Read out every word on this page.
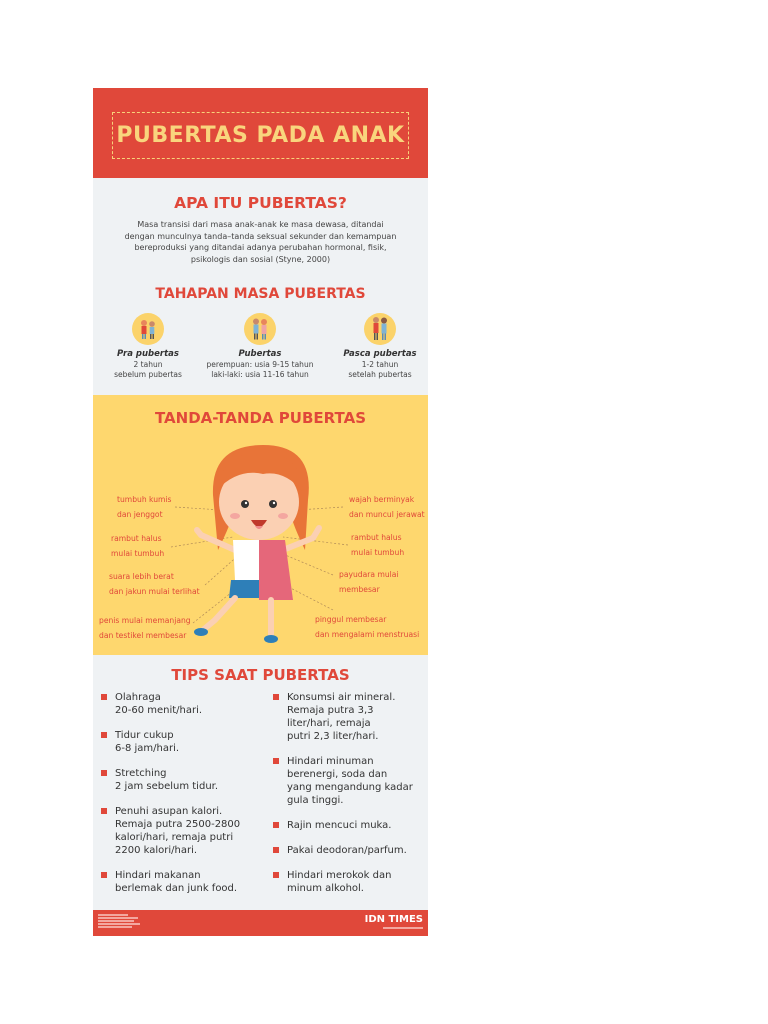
PUBERTAS PADA ANAK
APA ITU PUBERTAS?
Masa transisi dari masa anak-anak ke masa dewasa, ditandai dengan munculnya tanda–tanda seksual sekunder dan kemampuan bereproduksi yang ditandai adanya perubahan hormonal, fisik, psikologis dan sosial (Styne, 2000)
TAHAPAN MASA PUBERTAS
Pra pubertas
2 tahun
sebelum pubertas
Pubertas
perempuan: usia 9-15 tahun
laki-laki: usia 11-16 tahun
Pasca pubertas
1-2 tahun
setelah pubertas
TANDA-TANDA PUBERTAS
tumbuh kumis
dan jenggot
rambut halus
mulai tumbuh
suara lebih berat
dan jakun mulai terlihat
penis mulai memanjang
dan testikel membesar
wajah berminyak
dan muncul jerawat
rambut halus
mulai tumbuh
payudara mulai
membesar
pinggul membesar
dan mengalami menstruasi
TIPS SAAT PUBERTAS
Olahraga
20-60 menit/hari.
Tidur cukup
6-8 jam/hari.
Stretching
2 jam sebelum tidur.
Penuhi asupan kalori.
Remaja putra 2500-2800
kalori/hari, remaja putri
2200 kalori/hari.
Hindari makanan
berlemak dan junk food.
Konsumsi air mineral.
Remaja putra 3,3
liter/hari, remaja
putri 2,3 liter/hari.
Hindari minuman
berenergi, soda dan
yang mengandung kadar
gula tinggi.
Rajin mencuci muka.
Pakai deodoran/parfum.
Hindari merokok dan
minum alkohol.
IDN TIMES
